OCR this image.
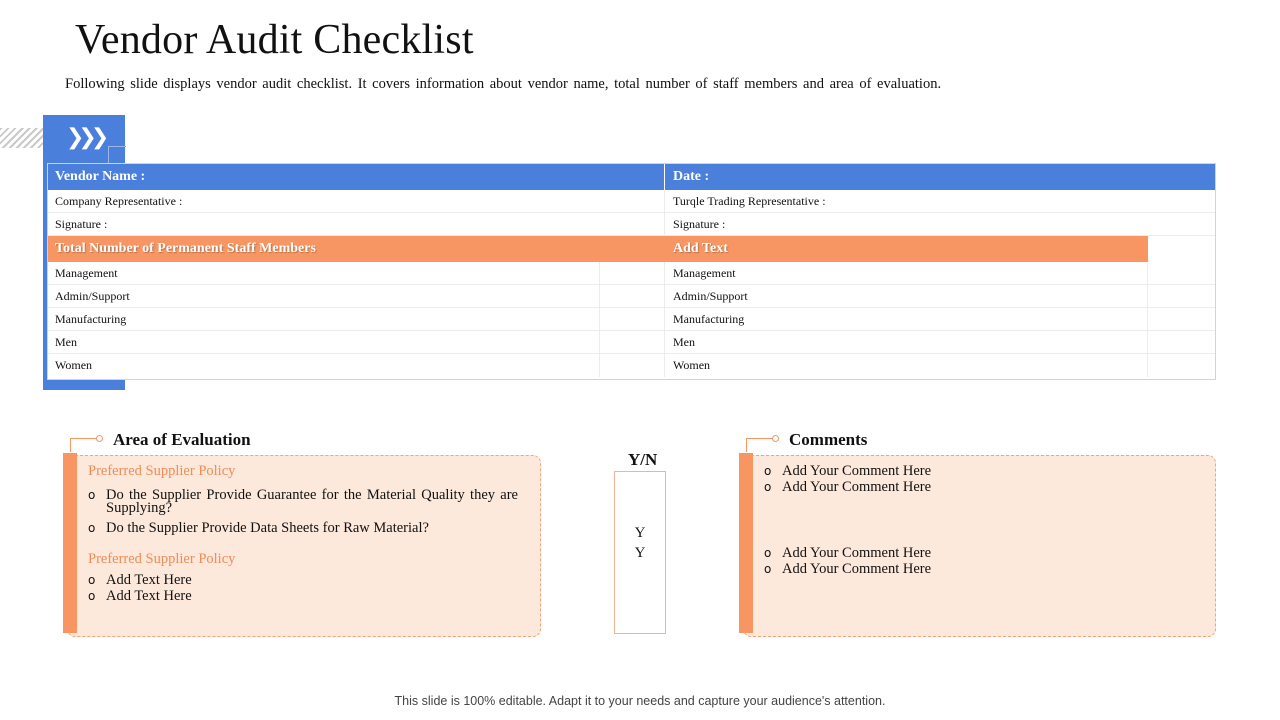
Vendor Audit Checklist

Following slide displays vendor audit checklist. It covers information about vendor name, total number of staff members and area of evaluation.

❯❯❯
Vendor Name :	Date :
Company Representative :	Turqle Trading Representative :
Signature :	Signature :
Total Number of Permanent Staff Members	Add Text
Management	Management
Admin/Support	Admin/Support
Manufacturing	Manufacturing
Men	Men
Women	Women
Area of Evaluation
Preferred Supplier Policy
o Do the Supplier Provide Guarantee for the Material Quality they are Supplying?
o Do the Supplier Provide Data Sheets for Raw Material?
Preferred Supplier Policy
o Add Text Here
o Add Text Here
Y/N
Y
Y
Comments
o Add Your Comment Here
o Add Your Comment Here
o Add Your Comment Here
o Add Your Comment Here
This slide is 100% editable. Adapt it to your needs and capture your audience's attention.
